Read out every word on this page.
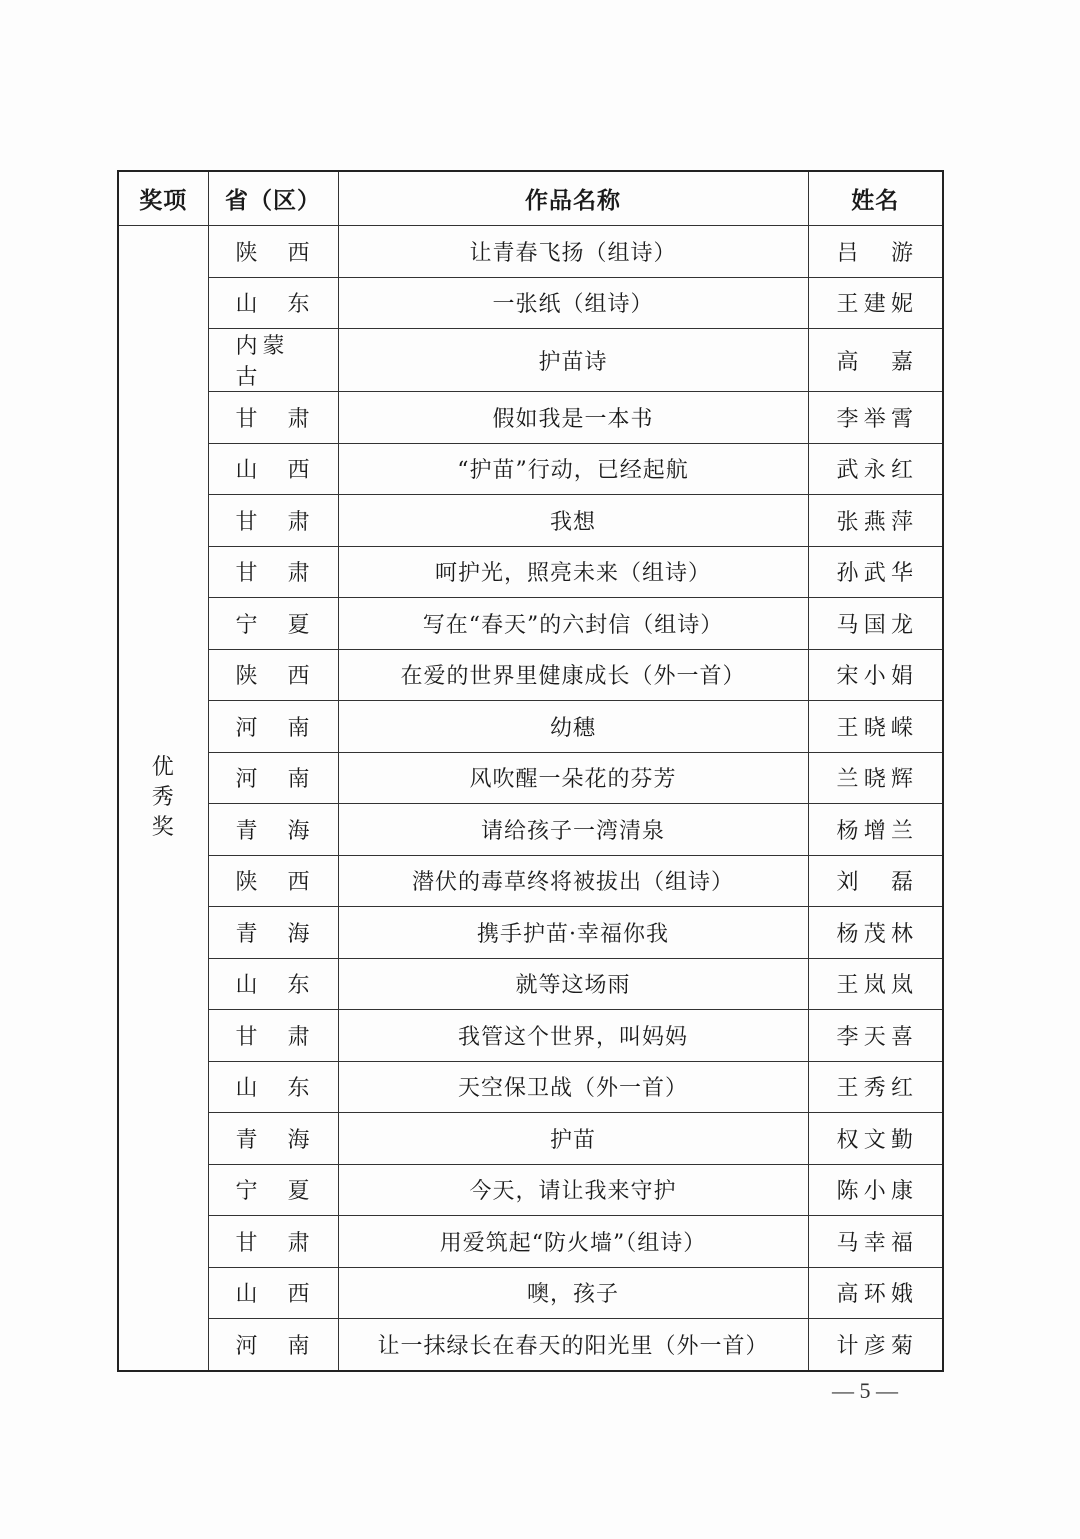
奖项	省（区）	作品名称	姓名
优秀奖	陕 西	让青春飞扬（组诗）	吕游

	山 东	一张纸（组诗）	王建妮

	内蒙古	护苗诗	高嘉

	甘 肃	假如我是一本书	李举霄

	山 西	“护苗”行动，已经起航	武永红

	甘 肃	我想	张燕萍

	甘 肃	呵护光，照亮未来（组诗）	孙武华

	宁 夏	写在“春天”的六封信（组诗）	马国龙

	陕 西	在爱的世界里健康成长（外一首）	宋小娟

	河 南	幼穗	王晓嵘

	河 南	风吹醒一朵花的芬芳	兰晓辉

	青 海	请给孩子一湾清泉	杨增兰

	陕 西	潜伏的毒草终将被拔出（组诗）	刘磊

	青 海	携手护苗·幸福你我	杨茂林

	山 东	就等这场雨	王岚岚

	甘 肃	我管这个世界，叫妈妈	李天喜

	山 东	天空保卫战（外一首）	王秀红

	青 海	护苗	权文勤

	宁 夏	今天，请让我来守护	陈小康

	甘 肃	用爱筑起“防火墙”（组诗）	马幸福

	山 西	噢，孩子	高环娥

	河 南	让一抹绿长在春天的阳光里（外一首）	计彦菊
— 5 —
